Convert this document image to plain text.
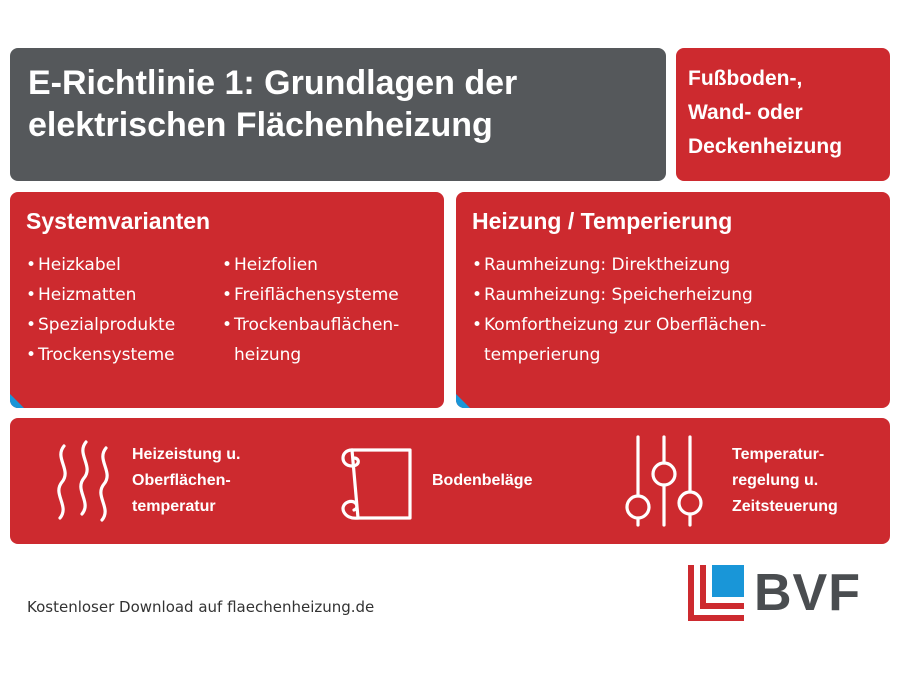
E-Richtlinie 1: Grundlagen der
elektrischen Flächenheizung
Fußboden-,
Wand- oder
Deckenheizung
Systemvarianten
• Heizkabel
• Heizmatten
• Spezialprodukte
• Trockensysteme
• Heizfolien
• Freiflächensysteme
• Trockenbauflächen-
heizung
Heizung / Temperierung
• Raumheizung: Direktheizung
• Raumheizung: Speicherheizung
• Komfortheizung zur Oberflächen-
temperierung
Heizeistung u.
Oberflächen-
temperatur
Bodenbeläge
Temperatur-
regelung u.
Zeitsteuerung
Kostenloser Download auf flaechenheizung.de	BVF
